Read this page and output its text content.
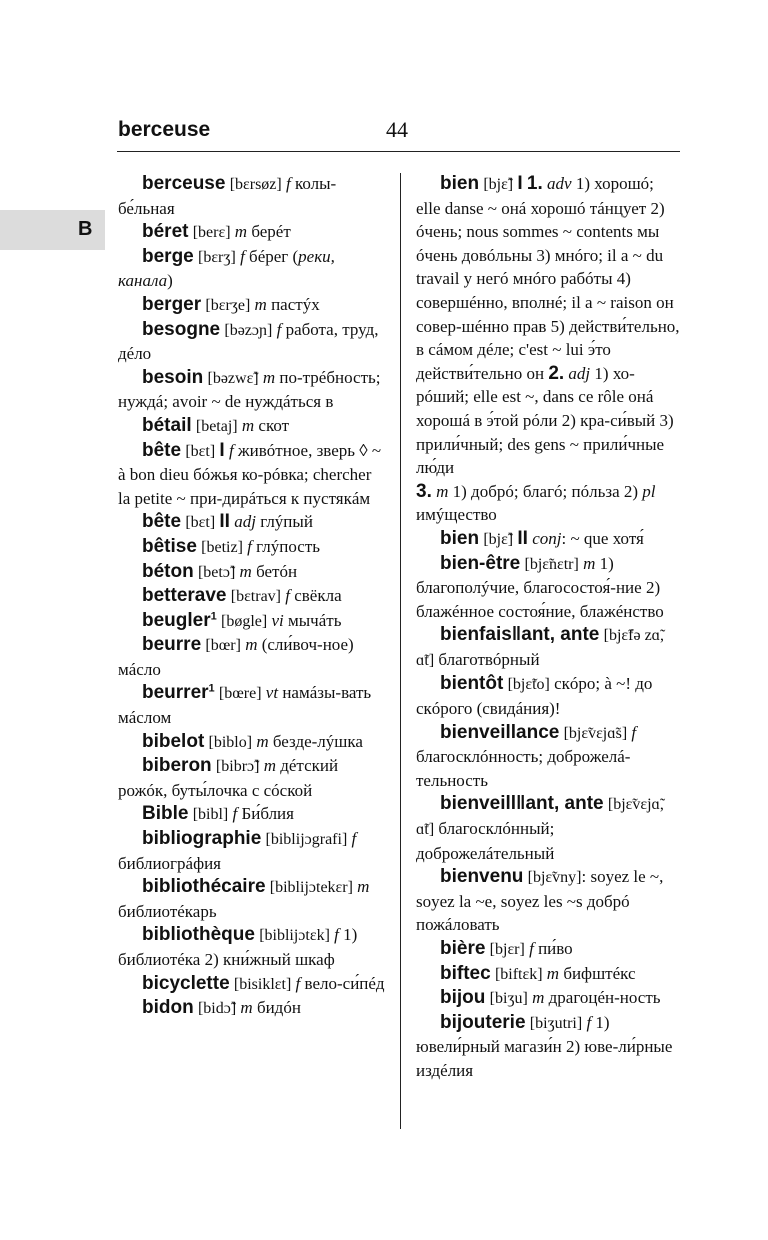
berceuse	44
B

berceuse [bɛrsøz] f колы-бе́льная

béret [berɛ] m берéт

berge [bɛrʒ] f бéрег (реки, канала)

berger [bɛrʒe] m пастýх

besogne [bəzɔɲ] f работа, труд, дéло

besoin [bəzwɛ̃] m по-трéбность; нуждá; avoir ~ de нуждáться в

bétail [betaj] m скот

bête [bɛt] I f живóтное, зверь ◊ ~ à bon dieu бóжья ко-рóвка; chercher la petite ~ при-дирáться к пустякáм

bête [bɛt] II adj глýпый

bêtise [betiz] f глýпость

béton [betɔ̃] m бетóн

betterave [bɛtrav] f свёкла

beugler$^1$ [bøgle] vi мычáть

beurre [bœr] m (сли́воч-ное) мáсло

beurrer$^1$ [bœre] vt намáзы-вать мáслом

bibelot [biblo] m безде-лýшка

biberon [bibrɔ̃] m дéтский рожóк, буты́лочка с сóской

Bible [bibl] f Би́блия

bibliographie [biblijɔgrafi] f библиогрáфия

bibliothécaire [biblijɔtekɛr] m библиотéкарь

bibliothèque [biblijɔtɛk] f 1) библиотéка 2) кни́жный шкаф

bicyclette [bisiklɛt] f вело-си́пéд

bidon [bidɔ̃] m бидóн

bien [bjɛ̃] I 1. adv 1) хорошó; elle danse ~ онá хорошó тáнцует 2) óчень; nous sommes ~ contents мы óчень довóльны 3) мнóго; il a ~ du travail у негó мнóго рабóты 4) совершéнно, вполнé; il a ~ raison он совер-шéнно прав 5) действи́тельно, в сáмом дéле; c'est ~ lui э́то действи́тельно он 2. adj 1) хо-рóший; elle est ~, dans ce rôle онá хорошá в э́той рóли 2) кра-си́вый 3) прили́чный; des gens ~ прили́чные лю́ди
3. m 1) добрó; благó; пóльза 2) pl имýщество

bien [bjɛ̃] II conj: ~ que хотя́

bien-être [bjɛ̃nɛtr] m 1) благополýчие, благосостоя́-ние 2) блажéнное состоя́ние, блажéнство

bienfais‖ant, ante [bjɛ̃fə zɑ̃, ɑ̃t] благотвóрный

bientôt [bjɛ̃to] скóро; à ~! до скóрого (свидáния)!

bienveillance [bjɛ̃vɛjɑ̃s] f благосклóнность; доброжелá-тельность

bienveill‖ant, ante [bjɛ̃vɛjɑ̃, ɑ̃t] благосклóнный; доброжелáтельный

bienvenu [bjɛ̃vny]: soyez le ~, soyez la ~e, soyez les ~s добрó пожáловать

bière [bjɛr] f пи́во

biftec [biftɛk] m бифштéкс

bijou [biʒu] m драгоцéн-ность

bijouterie [biʒutri] f 1) ювели́рный магази́н 2) юве-ли́рные издéлия
